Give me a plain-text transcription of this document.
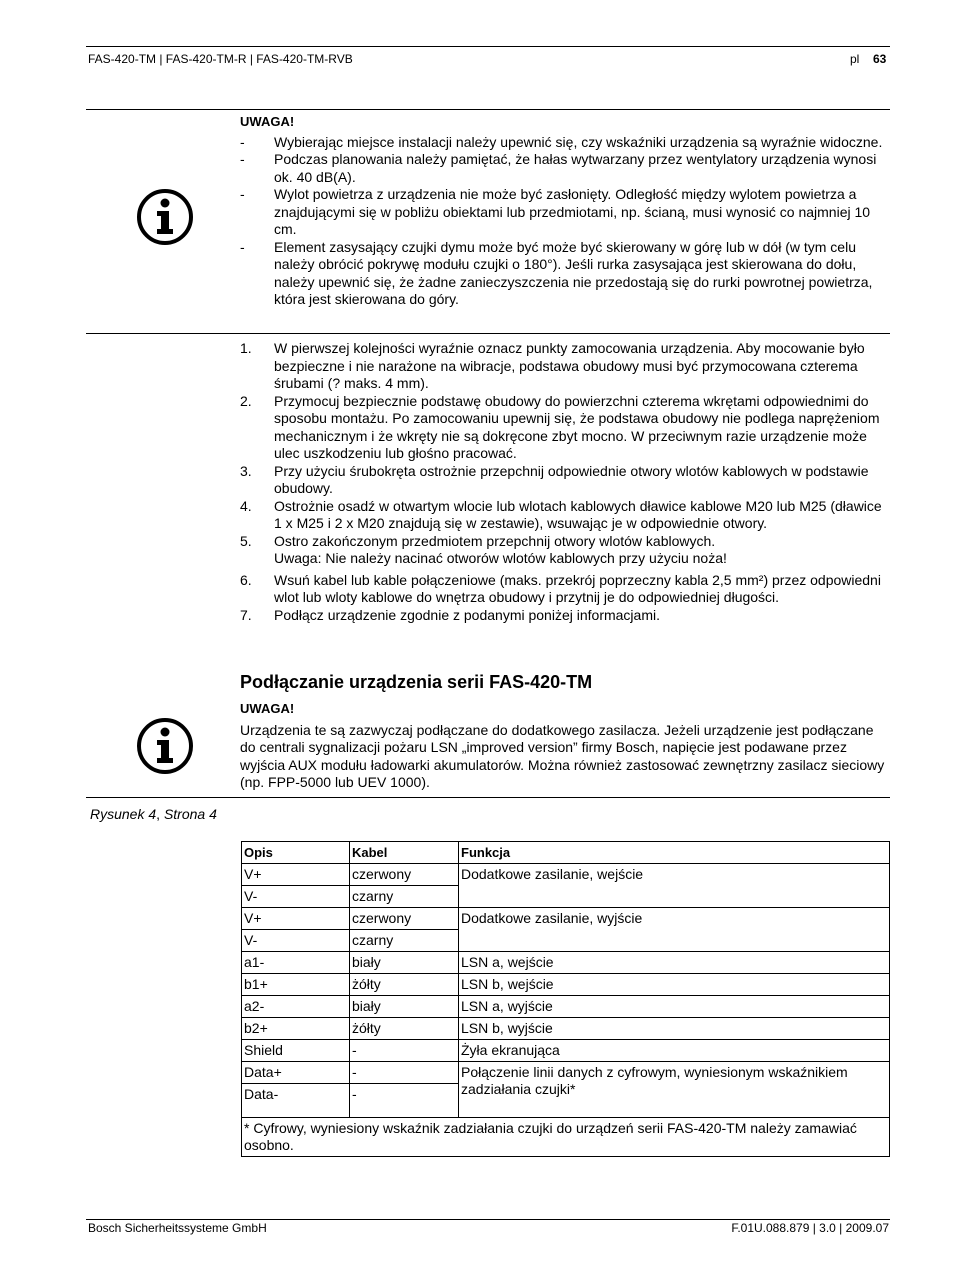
FAS-420-TM | FAS-420-TM-R | FAS-420-TM-RVB	pl 63
UWAGA!
- Wybierając miejsce instalacji należy upewnić się, czy wskaźniki urządzenia są wyraźnie widoczne.
- Podczas planowania należy pamiętać, że hałas wytwarzany przez wentylatory urządzenia wynosi ok. 40 dB(A).
- Wylot powietrza z urządzenia nie może być zasłonięty. Odległość między wylotem powietrza a znajdującymi się w pobliżu obiektami lub przedmiotami, np. ścianą, musi wynosić co najmniej 10 cm.
- Element zasysający czujki dymu może być może być skierowany w górę lub w dół (w tym celu należy obrócić pokrywę modułu czujki o 180°). Jeśli rurka zasysająca jest skierowana do dołu, należy upewnić się, że żadne zanieczyszczenia nie przedostają się do rurki powrotnej powietrza, która jest skierowana do góry.
1. W pierwszej kolejności wyraźnie oznacz punkty zamocowania urządzenia. Aby mocowanie było bezpieczne i nie narażone na wibracje, podstawa obudowy musi być przymocowana czterema śrubami (? maks. 4 mm).
2. Przymocuj bezpiecznie podstawę obudowy do powierzchni czterema wkrętami odpowiednimi do sposobu montażu. Po zamocowaniu upewnij się, że podstawa obudowy nie podlega naprężeniom mechanicznym i że wkręty nie są dokręcone zbyt mocno. W przeciwnym razie urządzenie może ulec uszkodzeniu lub głośno pracować.
3. Przy użyciu śrubokręta ostrożnie przepchnij odpowiednie otwory wlotów kablowych w podstawie obudowy.
4. Ostrożnie osadź w otwartym wlocie lub wlotach kablowych dławice kablowe M20 lub M25 (dławice 1 x M25 i 2 x M20 znajdują się w zestawie), wsuwając je w odpowiednie otwory.
5. Ostro zakończonym przedmiotem przepchnij otwory wlotów kablowych.
Uwaga: Nie należy nacinać otworów wlotów kablowych przy użyciu noża!
6. Wsuń kabel lub kable połączeniowe (maks. przekrój poprzeczny kabla 2,5 mm²) przez odpowiedni wlot lub wloty kablowe do wnętrza obudowy i przytnij je do odpowiedniej długości.
7. Podłącz urządzenie zgodnie z podanymi poniżej informacjami.
Podłączanie urządzenia serii FAS-420-TM
UWAGA!
Urządzenia te są zazwyczaj podłączane do dodatkowego zasilacza. Jeżeli urządzenie jest podłączane do centrali sygnalizacji pożaru LSN „improved version” firmy Bosch, napięcie jest podawane przez wyjścia AUX modułu ładowarki akumulatorów. Można również zastosować zewnętrzny zasilacz sieciowy (np. FPP-5000 lub UEV 1000).
Rysunek 4, Strona 4
Opis	Kabel	Funkcja
V+	czerwony	Dodatkowe zasilanie, wejście
V-	czarny	
V+	czerwony	Dodatkowe zasilanie, wyjście
V-	czarny	
a1-	biały	LSN a, wejście
b1+	żółty	LSN b, wejście
a2-	biały	LSN a, wyjście
b2+	żółty	LSN b, wyjście
Shield	-	Żyła ekranująca
Data+	-	Połączenie linii danych z cyfrowym, wyniesionym wskaźnikiem zadziałania czujki*
Data-	-	
* Cyfrowy, wyniesiony wskaźnik zadziałania czujki do urządzeń serii FAS-420-TM należy zamawiać osobno.		
Bosch Sicherheitssysteme GmbH	F.01U.088.879 | 3.0 | 2009.07
